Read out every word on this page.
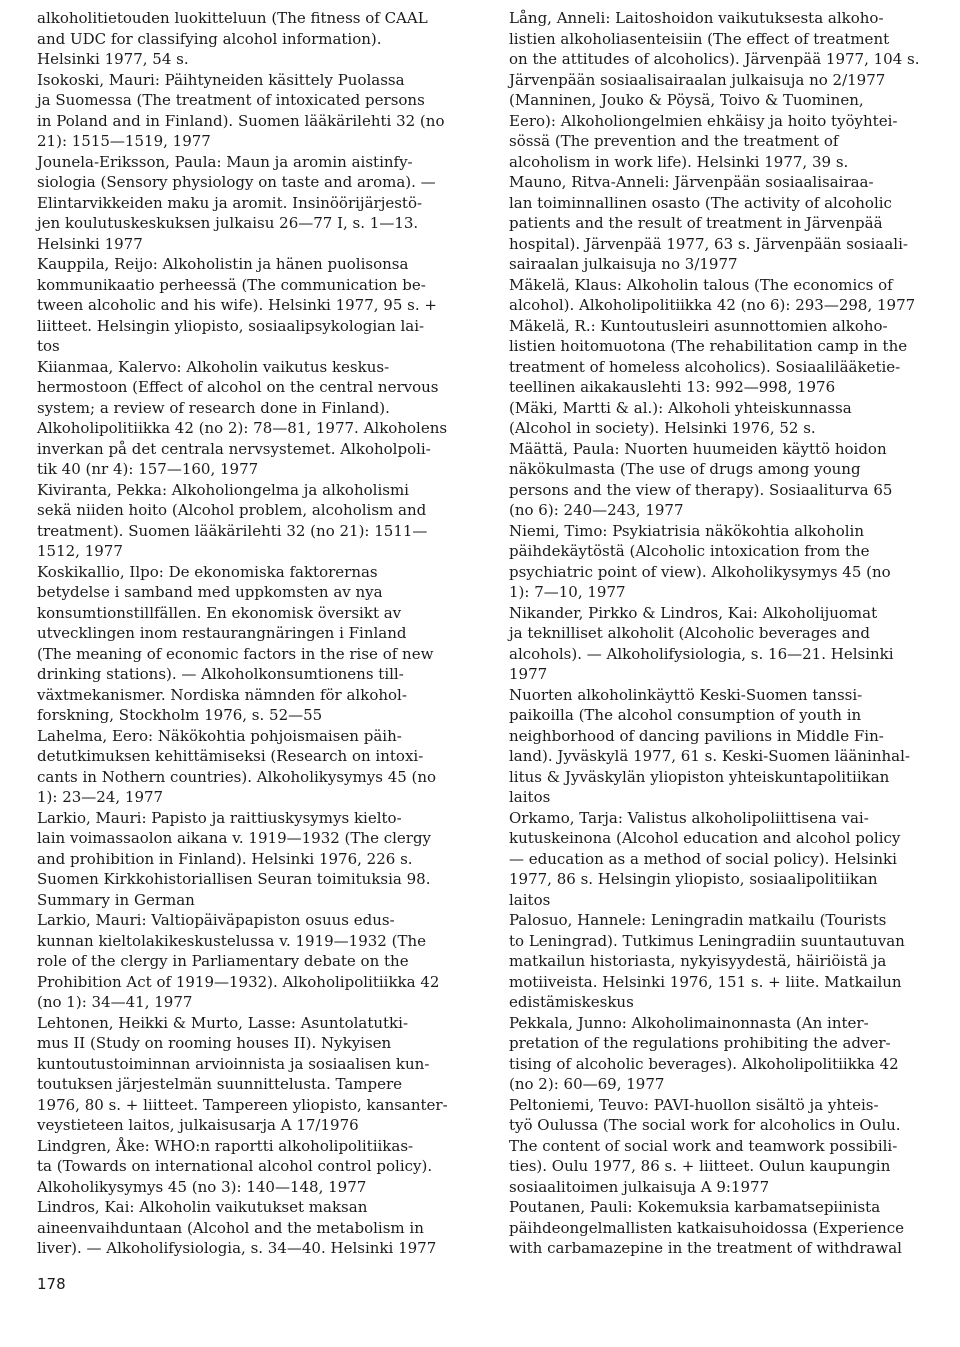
alkoholitietouden luokitteluun (The fitness of CAAL
and UDC for classifying alcohol information).
Helsinki 1977, 54 s.
Isokoski, Mauri: Päihtyneiden käsittely Puolassa
ja Suomessa (The treatment of intoxicated persons
in Poland and in Finland). Suomen lääkärilehti 32 (no
21): 1515—1519, 1977
Jounela-Eriksson, Paula: Maun ja aromin aistinfy-
siologia (Sensory physiology on taste and aroma). —
Elintarvikkeiden maku ja aromit. Insinöörijärjestö-
jen koulutuskeskuksen julkaisu 26—77 I, s. 1—13.
Helsinki 1977
Kauppila, Reijo: Alkoholistin ja hänen puolisonsa
kommunikaatio perheessä (The communication be-
tween alcoholic and his wife). Helsinki 1977, 95 s. +
liitteet. Helsingin yliopisto, sosiaalipsykologian lai-
tos
Kiianmaa, Kalervo: Alkoholin vaikutus keskus-
hermostoon (Effect of alcohol on the central nervous
system; a review of research done in Finland).
Alkoholipolitiikka 42 (no 2): 78—81, 1977. Alkoholens
inverkan på det centrala nervsystemet. Alkoholpoli-
tik 40 (nr 4): 157—160, 1977
Kiviranta, Pekka: Alkoholiongelma ja alkoholismi
sekä niiden hoito (Alcohol problem, alcoholism and
treatment). Suomen lääkärilehti 32 (no 21): 1511—
1512, 1977
Koskikallio, Ilpo: De ekonomiska faktorernas
betydelse i samband med uppkomsten av nya
konsumtionstillfällen. En ekonomisk översikt av
utvecklingen inom restaurangnäringen i Finland
(The meaning of economic factors in the rise of new
drinking stations). — Alkoholkonsumtionens till-
växtmekanismer. Nordiska nämnden för alkohol-
forskning, Stockholm 1976, s. 52—55
Lahelma, Eero: Näkökohtia pohjoismaisen päih-
detutkimuksen kehittämiseksi (Research on intoxi-
cants in Nothern countries). Alkoholikysymys 45 (no
1): 23—24, 1977
Larkio, Mauri: Papisto ja raittiuskysymys kielto-
lain voimassaolon aikana v. 1919—1932 (The clergy
and prohibition in Finland). Helsinki 1976, 226 s.
Suomen Kirkkohistoriallisen Seuran toimituksia 98.
Summary in German
Larkio, Mauri: Valtiopäiväpapiston osuus edus-
kunnan kieltolakikeskustelussa v. 1919—1932 (The
role of the clergy in Parliamentary debate on the
Prohibition Act of 1919—1932). Alkoholipolitiikka 42
(no 1): 34—41, 1977
Lehtonen, Heikki & Murto, Lasse: Asuntolatutki-
mus II (Study on rooming houses II). Nykyisen
kuntoutustoiminnan arvioinnista ja sosiaalisen kun-
toutuksen järjestelmän suunnittelusta. Tampere
1976, 80 s. + liitteet. Tampereen yliopisto, kansanter-
veystieteen laitos, julkaisusarja A 17/1976
Lindgren, Åke: WHO:n raportti alkoholipolitiikas-
ta (Towards on international alcohol control policy).
Alkoholikysymys 45 (no 3): 140—148, 1977
Lindros, Kai: Alkoholin vaikutukset maksan
aineenvaihduntaan (Alcohol and the metabolism in
liver). — Alkoholifysiologia, s. 34—40. Helsinki 1977
Lång, Anneli: Laitoshoidon vaikutuksesta alkoho-
listien alkoholiasenteisiin (The effect of treatment
on the attitudes of alcoholics). Järvenpää 1977, 104 s.
Järvenpään sosiaalisairaalan julkaisuja no 2/1977
(Manninen, Jouko & Pöysä, Toivo & Tuominen,
Eero): Alkoholiongelmien ehkäisy ja hoito työyhtei-
sössä (The prevention and the treatment of
alcoholism in work life). Helsinki 1977, 39 s.
Mauno, Ritva-Anneli: Järvenpään sosiaalisairaa-
lan toiminnallinen osasto (The activity of alcoholic
patients and the result of treatment in Järvenpää
hospital). Järvenpää 1977, 63 s. Järvenpään sosiaali-
sairaalan julkaisuja no 3/1977
Mäkelä, Klaus: Alkoholin talous (The economics of
alcohol). Alkoholipolitiikka 42 (no 6): 293—298, 1977
Mäkelä, R.: Kuntoutusleiri asunnottomien alkoho-
listien hoitomuotona (The rehabilitation camp in the
treatment of homeless alcoholics). Sosiaalilääketie-
teellinen aikakauslehti 13: 992—998, 1976
(Mäki, Martti & al.): Alkoholi yhteiskunnassa
(Alcohol in society). Helsinki 1976, 52 s.
Määttä, Paula: Nuorten huumeiden käyttö hoidon
näkökulmasta (The use of drugs among young
persons and the view of therapy). Sosiaaliturva 65
(no 6): 240—243, 1977
Niemi, Timo: Psykiatrisia näkökohtia alkoholin
päihdekäytöstä (Alcoholic intoxication from the
psychiatric point of view). Alkoholikysymys 45 (no
1): 7—10, 1977
Nikander, Pirkko & Lindros, Kai: Alkoholijuomat
ja teknilliset alkoholit (Alcoholic beverages and
alcohols). — Alkoholifysiologia, s. 16—21. Helsinki
1977
Nuorten alkoholinkäyttö Keski-Suomen tanssi-
paikoilla (The alcohol consumption of youth in
neighborhood of dancing pavilions in Middle Fin-
land). Jyväskylä 1977, 61 s. Keski-Suomen lääninhal-
litus & Jyväskylän yliopiston yhteiskuntapolitiikan
laitos
Orkamo, Tarja: Valistus alkoholipoliittisena vai-
kutuskeinona (Alcohol education and alcohol policy
— education as a method of social policy). Helsinki
1977, 86 s. Helsingin yliopisto, sosiaalipolitiikan
laitos
Palosuo, Hannele: Leningradin matkailu (Tourists
to Leningrad). Tutkimus Leningradiin suuntautuvan
matkailun historiasta, nykyisyydestä, häiriöistä ja
motiiveista. Helsinki 1976, 151 s. + liite. Matkailun
edistämiskeskus
Pekkala, Junno: Alkoholimainonnasta (An inter-
pretation of the regulations prohibiting the adver-
tising of alcoholic beverages). Alkoholipolitiikka 42
(no 2): 60—69, 1977
Peltoniemi, Teuvo: PAVI-huollon sisältö ja yhteis-
työ Oulussa (The social work for alcoholics in Oulu.
The content of social work and teamwork possibili-
ties). Oulu 1977, 86 s. + liitteet. Oulun kaupungin
sosiaalitoimen julkaisuja A 9:1977
Poutanen, Pauli: Kokemuksia karbamatsepiinista
päihdeongelmallisten katkaisuhoidossa (Experience
with carbamazepine in the treatment of withdrawal
178
